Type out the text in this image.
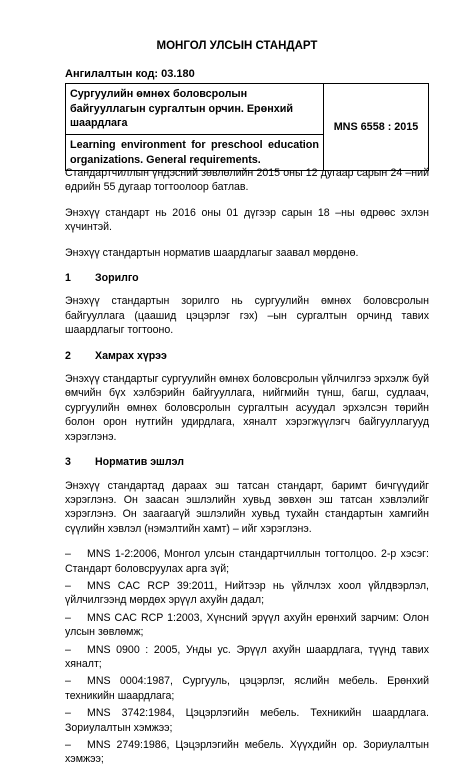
МОНГОЛ УЛСЫН СТАНДАРТ
Ангилалтын код: 03.180
Сургуулийн өмнөх боловсролын байгууллагын сургалтын орчин. Ерөнхий шаардлага	MNS 6558 : 2015
Learning environment for preschool education organizations. General requirements.

Стандартчиллын үндэсний зөвлөлийн 2015 оны 12 дугаар сарын 24 –ний өдрийн 55 дугаар тогтоолоор батлав.

Энэхүү стандарт нь 2016 оны 01 дүгээр сарын 18 –ны өдрөөс эхлэн хүчинтэй.

Энэхүү стандартын норматив шаардлагыг заавал мөрдөнө.

1	Зорилго

Энэхүү стандартын зорилго нь сургуулийн өмнөх боловсролын байгууллага (цаашид цэцэрлэг гэх) –ын сургалтын орчинд тавих шаардлагыг тогтооно.

2	Хамрах хүрээ

Энэхүү стандартыг сургуулийн өмнөх боловсролын үйлчилгээ эрхэлж буй өмчийн бүх хэлбэрийн байгууллага, нийгмийн түнш, багш, судлаач, сургуулийн өмнөх боловсролын сургалтын асуудал эрхэлсэн төрийн болон орон нутгийн удирдлага, хяналт хэрэгжүүлэгч байгууллагууд хэрэглэнэ.

3	Норматив эшлэл

Энэхүү стандартад дараах эш татсан стандарт, баримт бичгүүдийг хэрэглэнэ. Он заасан эшлэлийн хувьд зөвхөн эш татсан хэвлэлийг хэрэглэнэ. Он заагаагүй эшлэлийн хувьд тухайн стандартын хамгийн сүүлийн хэвлэл (нэмэлтийн хамт) – ийг хэрэглэнэ.

– MNS 1-2:2006, Монгол улсын стандартчиллын тогтолцоо. 2-р хэсэг: Стандарт боловсруулах арга зүй;
– MNS CAC RCP 39:2011, Нийтээр нь үйлчлэх хоол үйлдвэрлэл, үйлчилгээнд мөрдөх эрүүл ахуйн дадал;
– MNS CAC RCP 1:2003, Хүнсний эрүүл ахуйн ерөнхий зарчим: Олон улсын зөвлөмж;
– MNS 0900 : 2005, Унды ус. Эрүүл ахуйн шаардлага, түүнд тавих хяналт;
– MNS 0004:1987, Сургууль, цэцэрлэг, яслийн мебель. Ерөнхий техникийн шаардлага;
– MNS 3742:1984, Цэцэрлэгийн мебель. Техникийн шаардлага. Зориулалтын хэмжээ;
– MNS 2749:1986, Цэцэрлэгийн мебель. Хүүхдийн ор. Зориулалтын хэмжээ;
